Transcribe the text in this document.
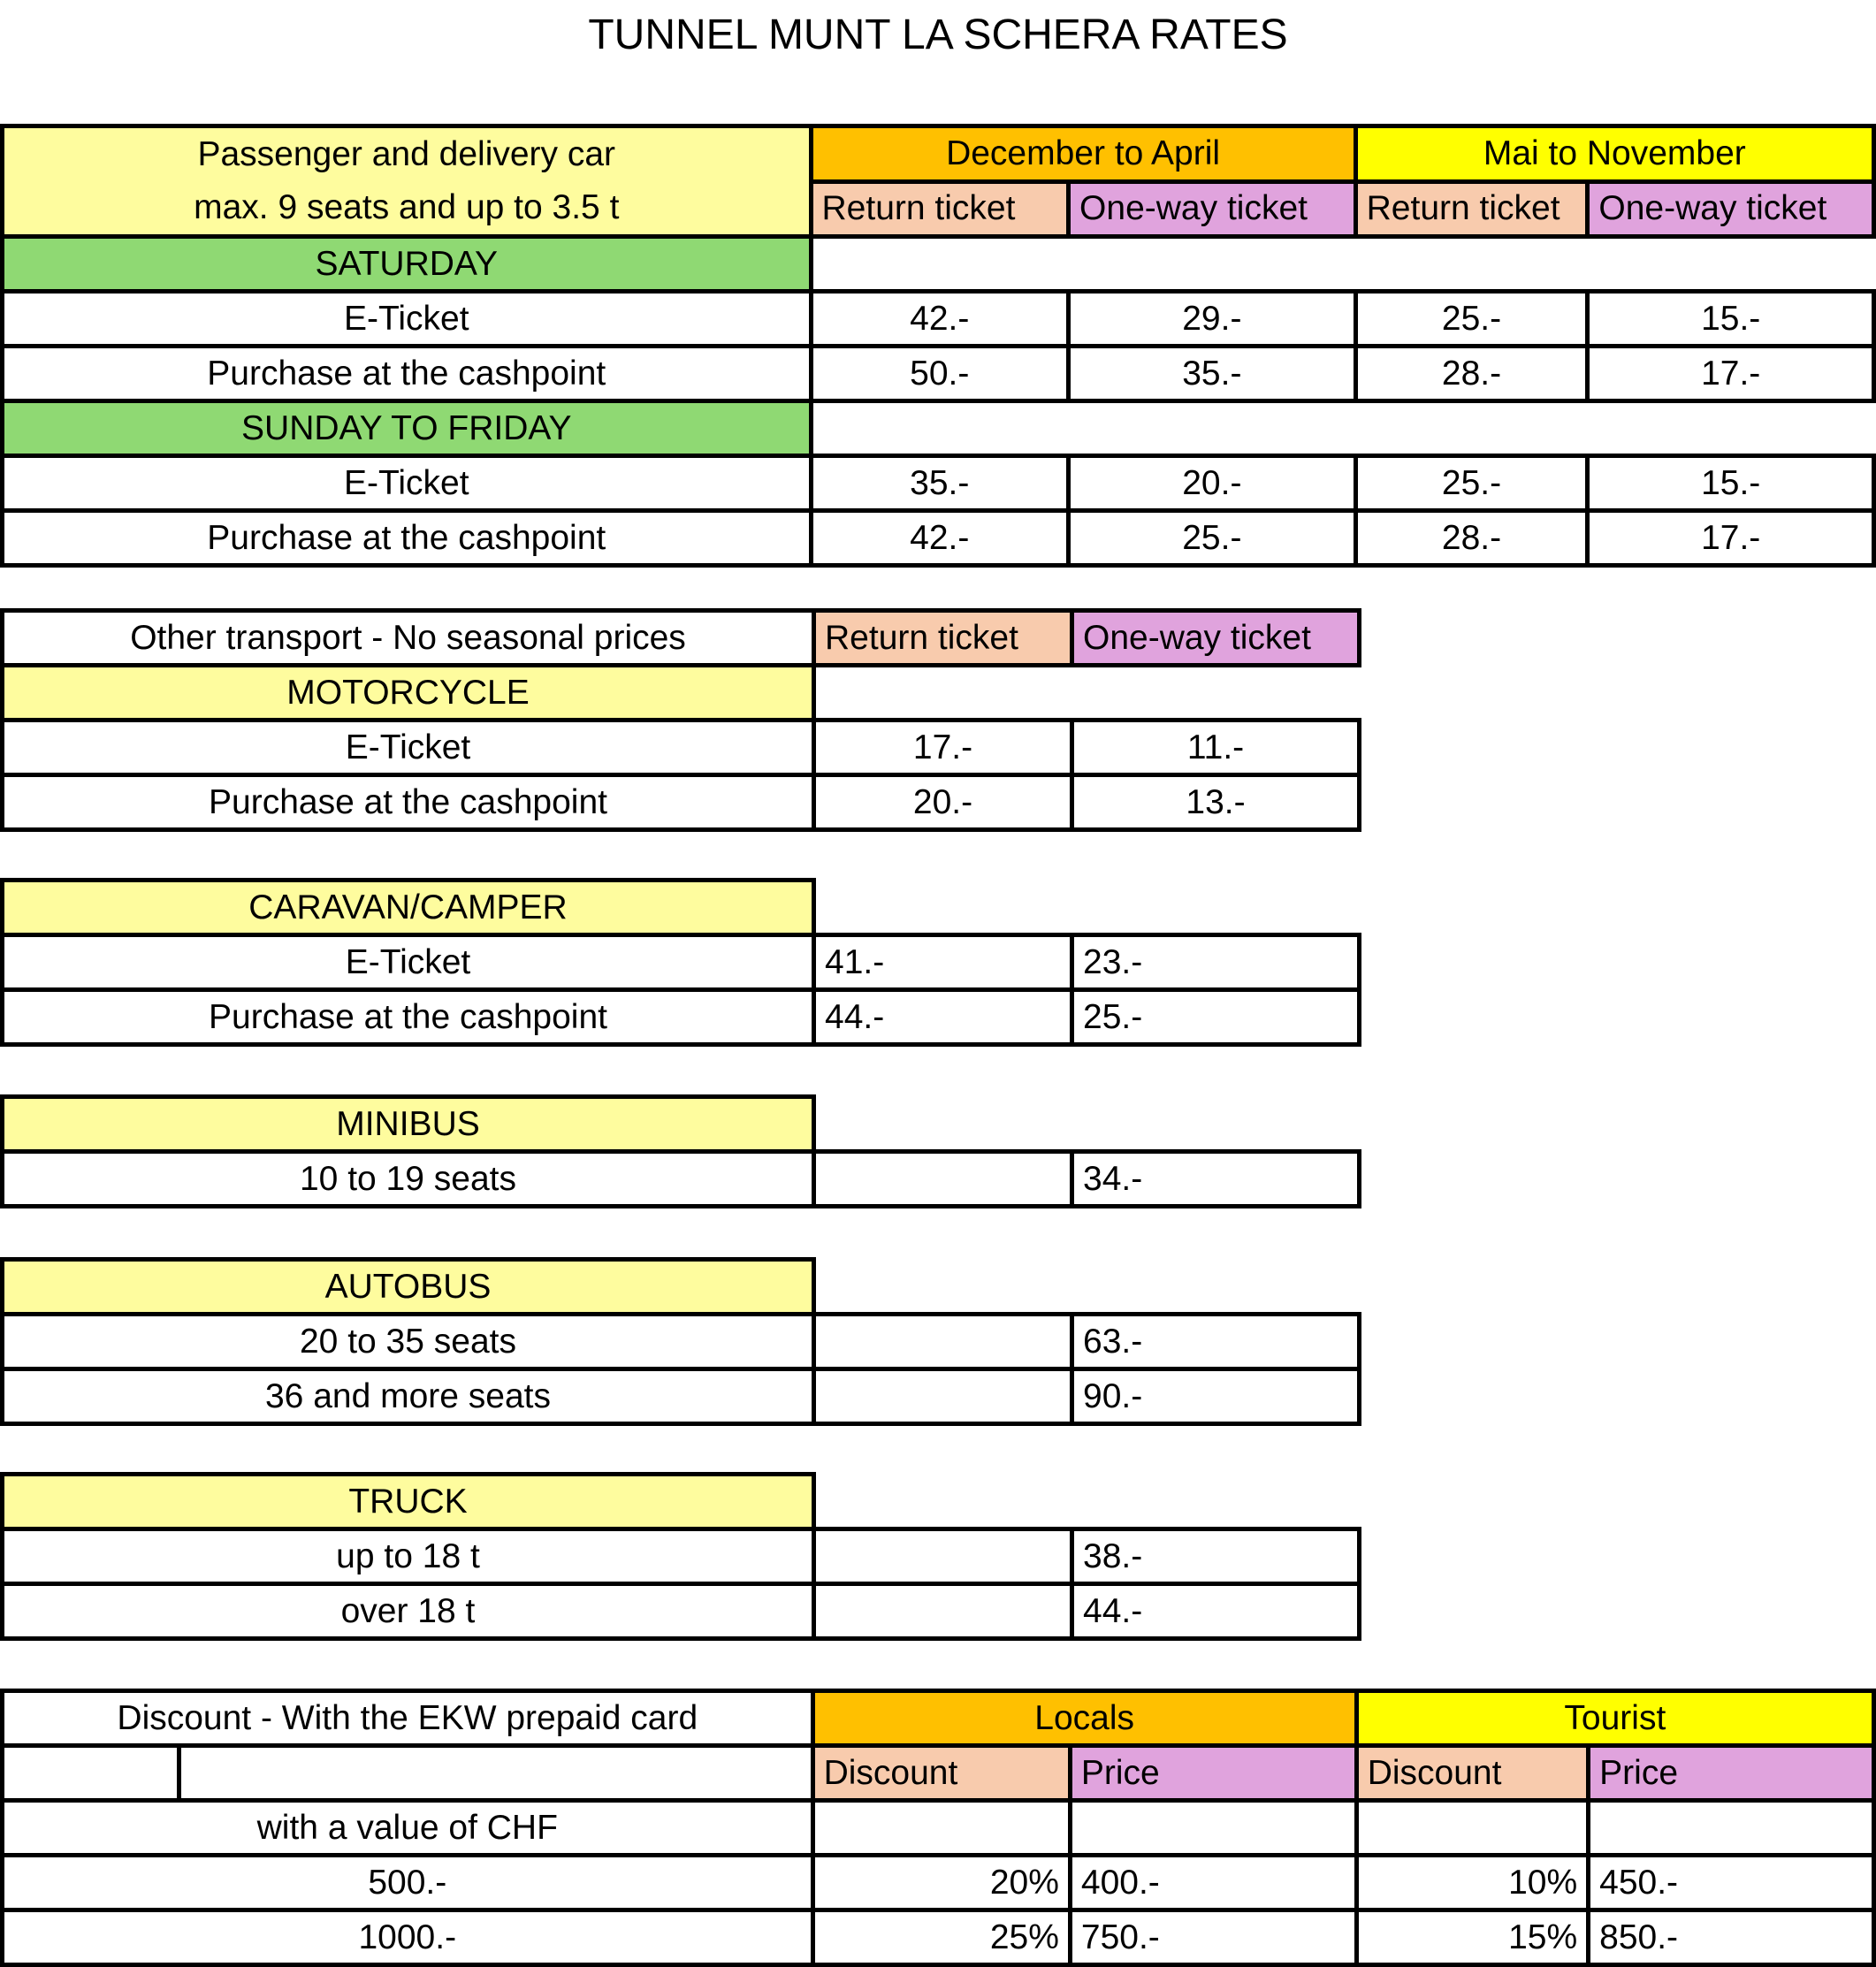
TUNNEL MUNT LA SCHERA RATES
Passenger and delivery car
max. 9 seats and up to 3.5 t	December to April		Mai to November	
	Return ticket	One-way ticket	Return ticket	One-way ticket
SATURDAY				
E-Ticket	42.-	29.-	25.-	15.-
Purchase at the cashpoint	50.-	35.-	28.-	17.-
SUNDAY TO FRIDAY				
E-Ticket	35.-	20.-	25.-	15.-
Purchase at the cashpoint	42.-	25.-	28.-	17.-
Other transport - No seasonal prices	Return ticket	One-way ticket
MOTORCYCLE		
E-Ticket	17.-	11.-
Purchase at the cashpoint	20.-	13.-
CARAVAN/CAMPER		
E-Ticket	41.-	23.-
Purchase at the cashpoint	44.-	25.-
MINIBUS		
10 to 19 seats		34.-
AUTOBUS		
20 to 35 seats		63.-
36 and more seats		90.-
TRUCK		
up to 18 t		38.-
over 18 t		44.-
Discount - With the EKW prepaid card		Locals		Tourist	
		Discount	Price	Discount	Price
with a value of CHF					
500.-		20%	400.-	10%	450.-
1000.-		25%	750.-	15%	850.-
